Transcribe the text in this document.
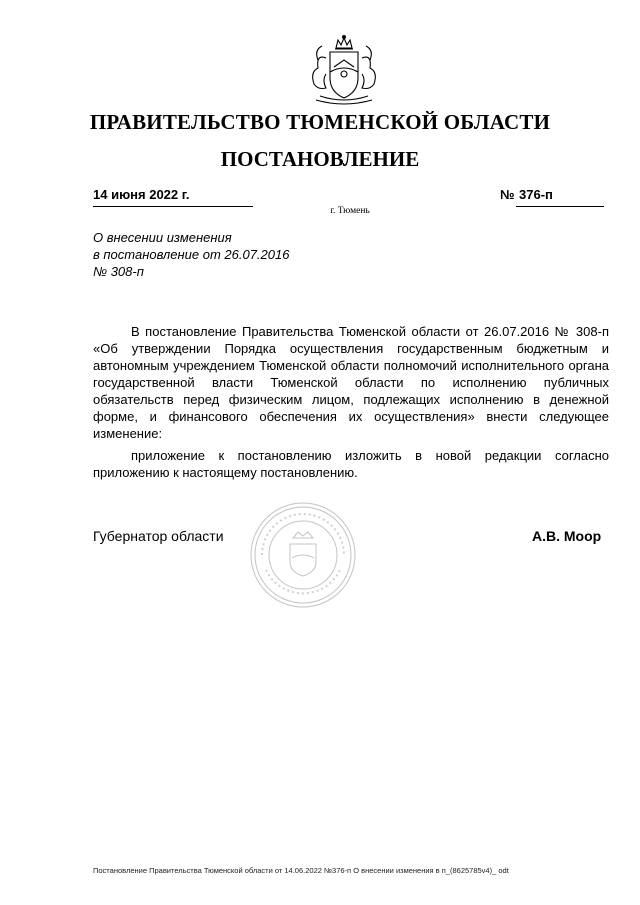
ПРАВИТЕЛЬСТВО ТЮМЕНСКОЙ ОБЛАСТИ
ПОСТАНОВЛЕНИЕ
14 июня 2022 г.	№ 376-п
г. Тюмень
О внесении изменения
в постановление от 26.07.2016
№ 308-п
В постановление Правительства Тюменской области от 26.07.2016 № 308-п «Об утверждении Порядка осуществления государственным бюджетным и автономным учреждением Тюменской области полномочий исполнительного органа государственной власти Тюменской области по исполнению публичных обязательств перед физическим лицом, подлежащих исполнению в денежной форме, и финансового обеспечения их осуществления» внести следующее изменение:
приложение к постановлению изложить в новой редакции согласно приложению к настоящему постановлению.
Губернатор области	А.В. Моор
Постановление Правительства Тюменской области от 14.06.2022 №376-п О внесении изменения в п_(8625785v4)_ odt
